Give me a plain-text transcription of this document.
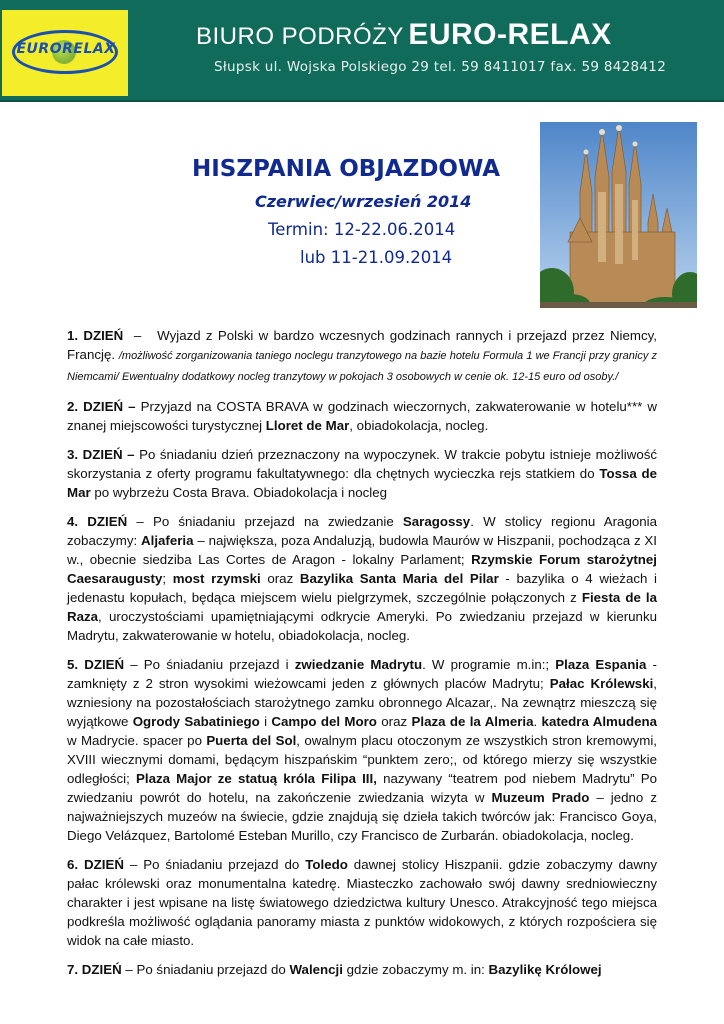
EURORELAX	BIURO PODRÓŻY EURO-RELAX
Słupsk ul. Wojska Polskiego 29 tel. 59 8411017 fax. 59 8428412
HISZPANIA OBJAZDOWA
Czerwiec/wrzesień 2014
Termin: 12-22.06.2014
lub 11-21.09.2014

1. DZIEŃ  –   Wyjazd z Polski w bardzo wczesnych godzinach rannych i przejazd przez Niemcy, Francję. /możliwość zorganizowania taniego noclegu tranzytowego na bazie hotelu Formula 1 we Francji przy granicy z Niemcami/ Ewentualny dodatkowy nocleg tranzytowy w pokojach 3 osobowych w cenie ok. 12-15 euro od osoby./

2. DZIEŃ – Przyjazd na COSTA BRAVA w godzinach wieczornych, zakwaterowanie w hotelu*** w znanej miejscowości turystycznej Lloret de Mar, obiadokolacja, nocleg.

3. DZIEŃ – Po śniadaniu dzień przeznaczony na wypoczynek. W trakcie pobytu istnieje możliwość skorzystania z oferty programu fakultatywnego: dla chętnych wycieczka rejs statkiem do Tossa de Mar po wybrzeżu Costa Brava. Obiadokolacja i nocleg

4. DZIEŃ – Po śniadaniu przejazd na zwiedzanie Saragossy. W stolicy regionu Aragonia zobaczymy: Aljaferia – największa, poza Andaluzją, budowla Maurów w Hiszpanii, pochodząca z XI w., obecnie siedziba Las Cortes de Aragon - lokalny Parlament; Rzymskie Forum starożytnej Caesaraugusty; most rzymski oraz Bazylika Santa Maria del Pilar - bazylika o 4 wieżach i jedenastu kopułach, będąca miejscem wielu pielgrzymek, szczególnie połączonych z Fiesta de la Raza, uroczystościami upamiętniającymi odkrycie Ameryki. Po zwiedzaniu przejazd w kierunku Madrytu, zakwaterowanie w hotelu, obiadokolacja, nocleg.

5. DZIEŃ – Po śniadaniu przejazd i zwiedzanie Madrytu. W programie m.in:; Plaza Espania - zamknięty z 2 stron wysokimi wieżowcami jeden z głównych placów Madrytu; Pałac Królewski, wzniesiony na pozostałościach starożytnego zamku obronnego Alcazar,. Na zewnątrz mieszczą się wyjątkowe Ogrody Sabatiniego i Campo del Moro oraz Plaza de la Almeria. katedra Almudena w Madrycie. spacer po Puerta del Sol, owalnym placu otoczonym ze wszystkich stron kremowymi, XVIII wiecznymi domami, będącym hiszpańskim “punktem zero;, od którego mierzy się wszystkie odległości; Plaza Major ze statuą króla Filipa III, nazywany “teatrem pod niebem Madrytu” Po zwiedzaniu powrót do hotelu, na zakończenie zwiedzania wizyta w Muzeum Prado – jedno z najważniejszych muzeów na świecie, gdzie znajdują się dzieła takich twórców jak: Francisco Goya, Diego Velázquez, Bartolomé Esteban Murillo, czy Francisco de Zurbarán. obiadokolacja, nocleg.

6. DZIEŃ – Po śniadaniu przejazd do Toledo dawnej stolicy Hiszpanii. gdzie zobaczymy dawny pałac królewski oraz monumentalna katedrę. Miasteczko zachowało swój dawny sredniowieczny charakter i jest wpisane na listę światowego dziedzictwa kultury Unesco. Atrakcyjność tego miejsca podkreśla możliwość oglądania panoramy miasta z punktów widokowych, z których rozpościera się widok na całe miasto.

7. DZIEŃ – Po śniadaniu przejazd do Walencji gdzie zobaczymy m. in: Bazylikę Królowej
